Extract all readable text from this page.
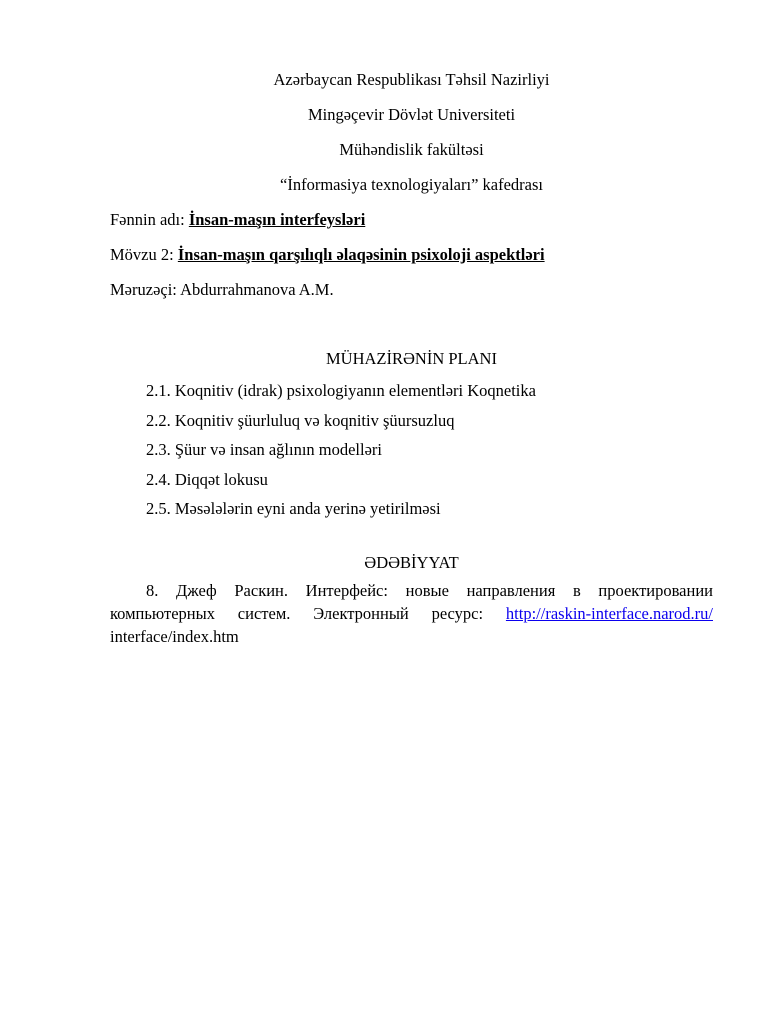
Azərbaycan Respublikası Təhsil Nazirliyi
Mingəçevir Dövlət Universiteti
Mühəndislik fakültəsi
“İnformasiya texnologiyaları” kafedrası
Fənnin adı: İnsan-maşın interfeysləri
Mövzu 2: İnsan-maşın qarşılıqlı əlaqəsinin psixoloji aspektləri
Məruzəçi: Abdurrahmanova A.M.
MÜHAZİRƏNİN PLANI
2.1. Koqnitiv (idrak) psixologiyanın elementləri Koqnetika
2.2. Koqnitiv şüurluluq və koqnitiv şüursuzluq
2.3. Şüur və insan ağlının modelləri
2.4. Diqqət lokusu
2.5. Məsələlərin eyni anda yerinə yetirilməsi
ƏDƏBİYYAT
8. Джеф Раскин. Интерфейс: новые направления в проектировании компьютерных систем. Электронный ресурс: http://raskin-interface.narod.ru/ interface/index.htm
